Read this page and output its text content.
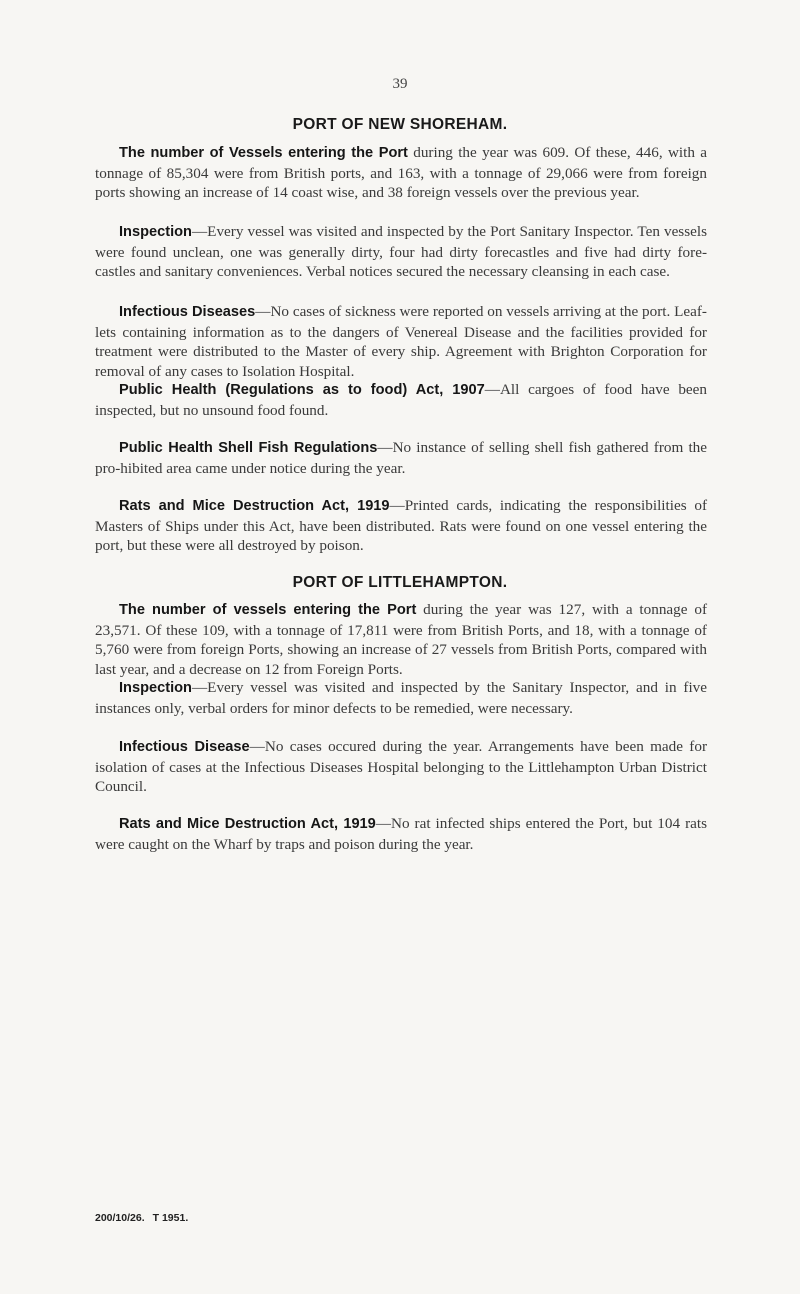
39
PORT OF NEW SHOREHAM.

The number of Vessels entering the Port during the year was 609. Of these, 446, with a tonnage of 85,304 were from British ports, and 163, with a tonnage of 29,066 were from foreign ports showing an increase of 14 coast wise, and 38 foreign vessels over the previous year.

Inspection—Every vessel was visited and inspected by the Port Sanitary Inspector. Ten vessels were found unclean, one was generally dirty, four had dirty forecastles and five had dirty fore-castles and sanitary conveniences. Verbal notices secured the necessary cleansing in each case.

Infectious Diseases—No cases of sickness were reported on vessels arriving at the port. Leaf-lets containing information as to the dangers of Venereal Disease and the facilities provided for treatment were distributed to the Master of every ship. Agreement with Brighton Corporation for removal of any cases to Isolation Hospital.

Public Health (Regulations as to food) Act, 1907—All cargoes of food have been inspected, but no unsound food found.

Public Health Shell Fish Regulations—No instance of selling shell fish gathered from the pro-hibited area came under notice during the year.

Rats and Mice Destruction Act, 1919—Printed cards, indicating the responsibilities of Masters of Ships under this Act, have been distributed. Rats were found on one vessel entering the port, but these were all destroyed by poison.

PORT OF LITTLEHAMPTON.

The number of vessels entering the Port during the year was 127, with a tonnage of 23,571. Of these 109, with a tonnage of 17,811 were from British Ports, and 18, with a tonnage of 5,760 were from foreign Ports, showing an increase of 27 vessels from British Ports, compared with last year, and a decrease on 12 from Foreign Ports.

Inspection—Every vessel was visited and inspected by the Sanitary Inspector, and in five instances only, verbal orders for minor defects to be remedied, were necessary.

Infectious Disease—No cases occured during the year. Arrangements have been made for isolation of cases at the Infectious Diseases Hospital belonging to the Littlehampton Urban District Council.

Rats and Mice Destruction Act, 1919—No rat infected ships entered the Port, but 104 rats were caught on the Wharf by traps and poison during the year.

200/10/26. T 1951.
